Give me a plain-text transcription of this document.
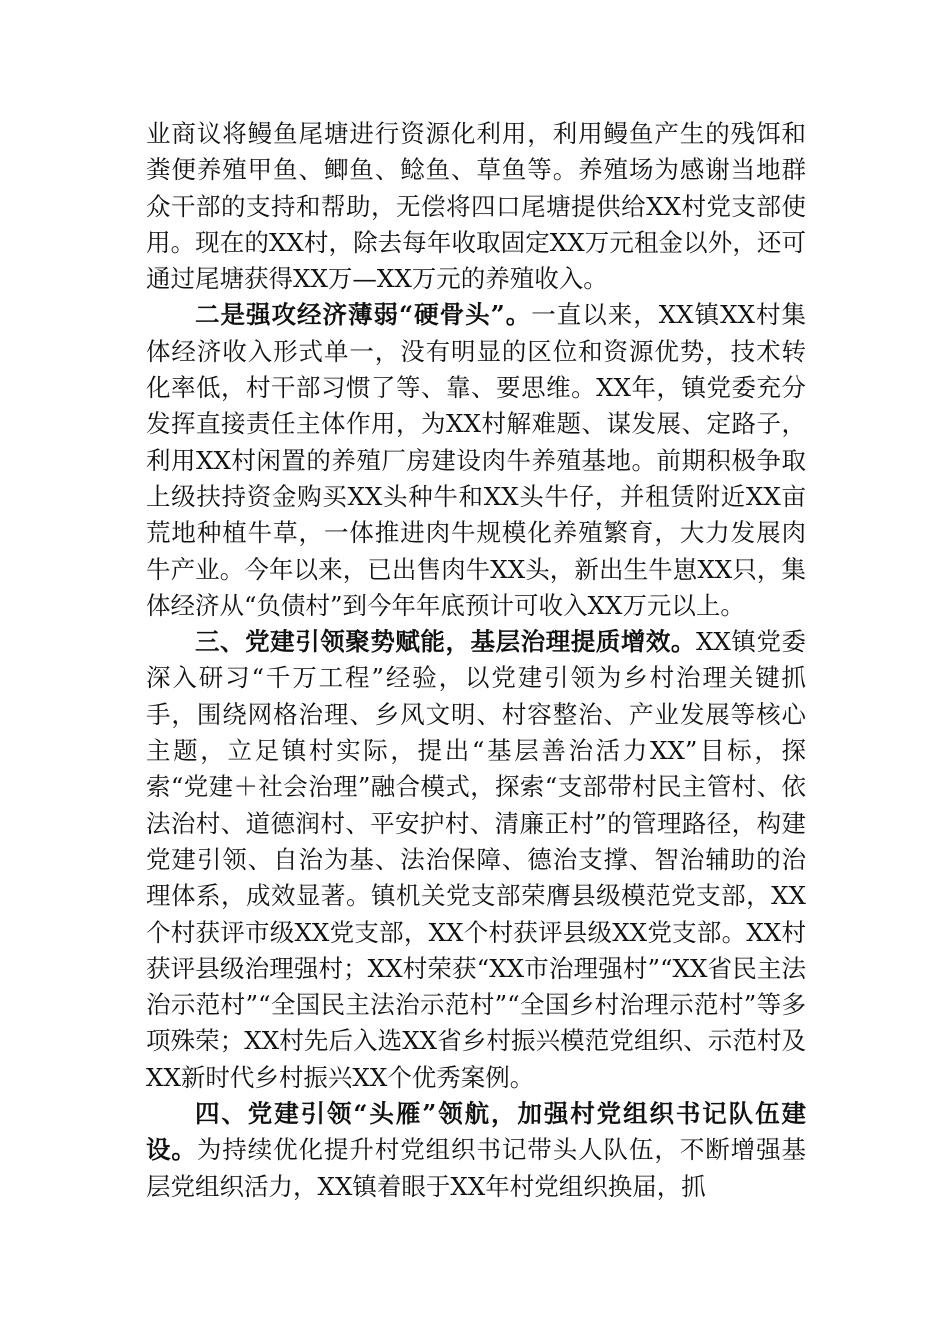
业商议将鳗鱼尾塘进行资源化利用，利用鳗鱼产生的残饵和粪便养殖甲鱼、鲫鱼、鲶鱼、草鱼等。养殖场为感谢当地群众干部的支持和帮助，无偿将四口尾塘提供给XX村党支部使用。现在的XX村，除去每年收取固定XX万元租金以外，还可通过尾塘获得XX万—XX万元的养殖收入。

二是强攻经济薄弱“硬骨头”。一直以来，XX镇XX村集体经济收入形式单一，没有明显的区位和资源优势，技术转化率低，村干部习惯了等、靠、要思维。XX年，镇党委充分发挥直接责任主体作用，为XX村解难题、谋发展、定路子，利用XX村闲置的养殖厂房建设肉牛养殖基地。前期积极争取上级扶持资金购买XX头种牛和XX头牛仔，并租赁附近XX亩荒地种植牛草，一体推进肉牛规模化养殖繁育，大力发展肉牛产业。今年以来，已出售肉牛XX头，新出生牛崽XX只，集体经济从“负债村”到今年年底预计可收入XX万元以上。

三、党建引领聚势赋能，基层治理提质增效。XX镇党委深入研习“千万工程”经验，以党建引领为乡村治理关键抓手，围绕网格治理、乡风文明、村容整治、产业发展等核心主题，立足镇村实际，提出“基层善治活力XX”目标，探索“党建＋社会治理”融合模式，探索“支部带村民主管村、依法治村、道德润村、平安护村、清廉正村”的管理路径，构建党建引领、自治为基、法治保障、德治支撑、智治辅助的治理体系，成效显著。镇机关党支部荣膺县级模范党支部，XX个村获评市级XX党支部，XX个村获评县级XX党支部。XX村获评县级治理强村；XX村荣获“XX市治理强村”“XX省民主法治示范村”“全国民主法治示范村”“全国乡村治理示范村”等多项殊荣；XX村先后入选XX省乡村振兴模范党组织、示范村及XX新时代乡村振兴XX个优秀案例。

四、党建引领“头雁”领航，加强村党组织书记队伍建设。为持续优化提升村党组织书记带头人队伍，不断增强基层党组织活力，XX镇着眼于XX年村党组织换届，抓
